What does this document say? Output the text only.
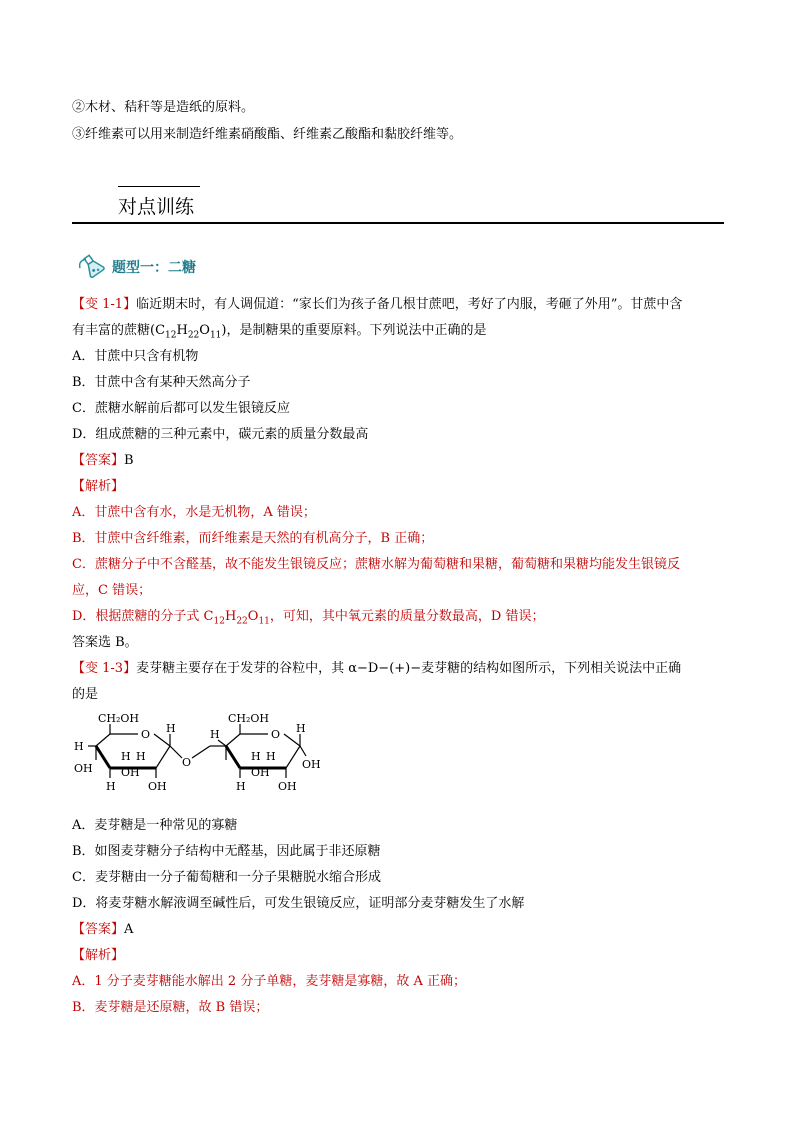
②木材、秸秆等是造纸的原料。
③纤维素可以用来制造纤维素硝酸酯、纤维素乙酸酯和黏胶纤维等。
对点训练
题型一：二糖
【变 1-1】临近期末时，有人调侃道：“家长们为孩子备几根甘蔗吧，考好了内服，考砸了外用”。甘蔗中含
有丰富的蔗糖$(C_{12}H_{22}O_{11})$，是制糖果的重要原料。下列说法中正确的是
A．甘蔗中只含有机物
B．甘蔗中含有某种天然高分子
C．蔗糖水解前后都可以发生银镜反应
D．组成蔗糖的三种元素中，碳元素的质量分数最高
【答案】B
【解析】
A．甘蔗中含有水，水是无机物，A 错误；
B．甘蔗中含纤维素，而纤维素是天然的有机高分子，B 正确；
C．蔗糖分子中不含醛基，故不能发生银镜反应；蔗糖水解为葡萄糖和果糖，葡萄糖和果糖均能发生银镜反
应，C 错误；
D．根据蔗糖的分子式 $C_{12}H_{22}O_{11}$，可知，其中氧元素的质量分数最高，D 错误；
答案选 B。
【变 1-3】麦芽糖主要存在于发芽的谷粒中，其 α−D−(+)−麦芽糖的结构如图所示，下列相关说法中正确
的是
CH₂OH
O H
H
OH
H
OH
H
H	OH
O
CH₂OH
O
H
H
OH
H
H
OH
H	OH
A．麦芽糖是一种常见的寡糖
B．如图麦芽糖分子结构中无醛基，因此属于非还原糖
C．麦芽糖由一分子葡萄糖和一分子果糖脱水缩合形成
D．将麦芽糖水解液调至碱性后，可发生银镜反应，证明部分麦芽糖发生了水解
【答案】A
【解析】
A．1 分子麦芽糖能水解出 2 分子单糖，麦芽糖是寡糖，故 A 正确；
B．麦芽糖是还原糖，故 B 错误；
